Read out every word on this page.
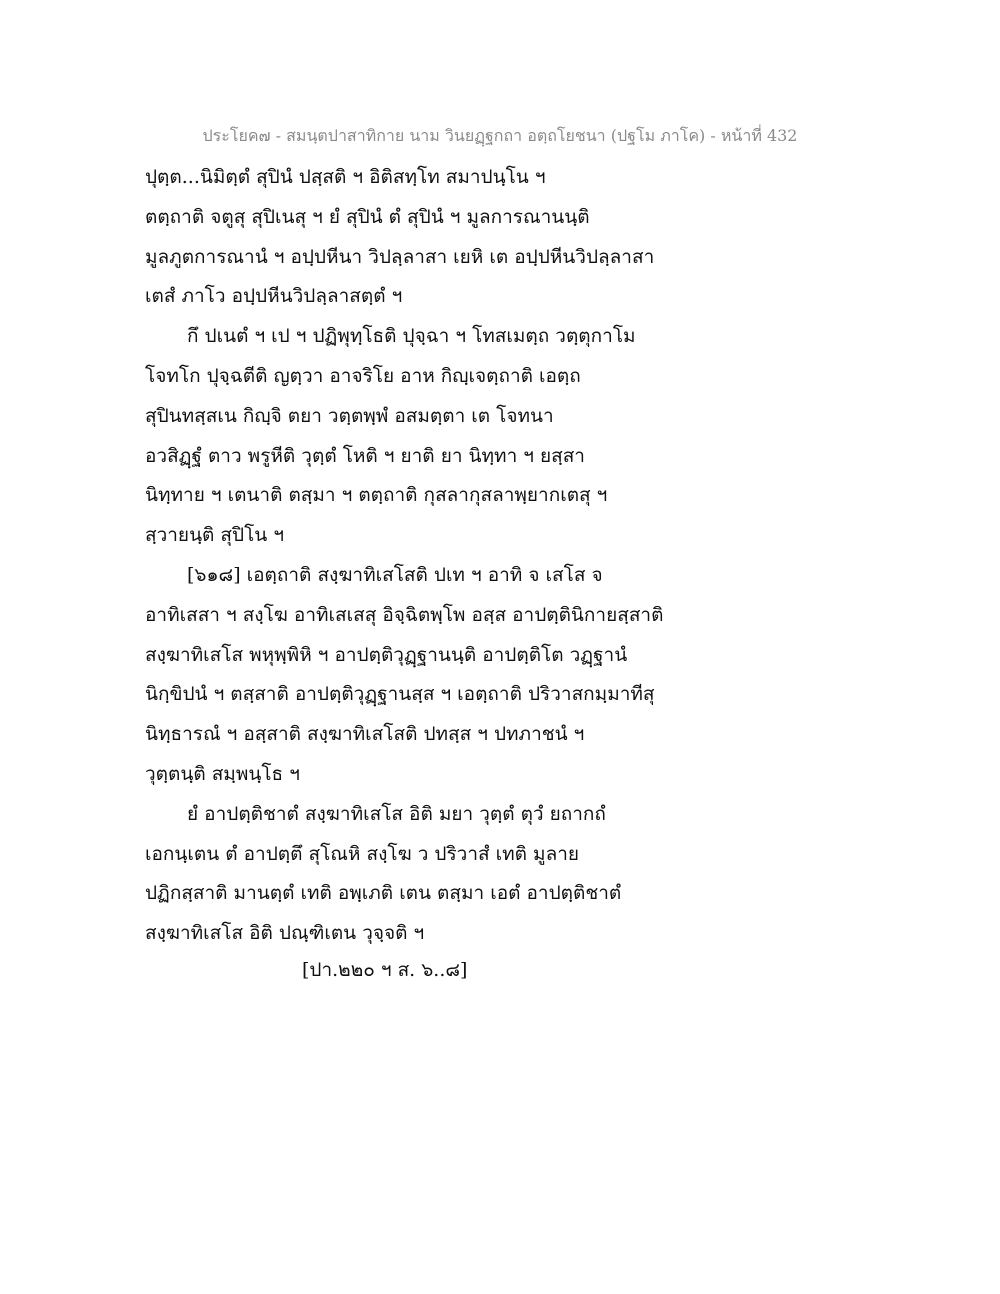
ประโยค๗ - สมนฺตปาสาทิกาย นาม วินยฏฺฐกถา อตฺถโยชนา (ปฐโม ภาโค) - หน้าที่ 432
ปุตฺต...นิมิตฺตํ สุปินํ ปสฺสติ ฯ อิติสทฺโท สมาปนฺโน ฯ
ตตฺถาติ จตูสุ สุปิเนสุ ฯ ยํ สุปินํ ตํ สุปินํ ฯ มูลการณานนฺติ
มูลภูตการณานํ ฯ อปฺปหีนา วิปลฺลาสา เยหิ เต อปฺปหีนวิปลฺลาสา
เตสํ ภาโว อปฺปหีนวิปลฺลาสตฺตํ ฯ
กึ ปเนตํ ฯ เป ฯ ปฏิพุทฺโธติ ปุจฺฉา ฯ โทสเมตฺถ วตฺตุกาโม
โจทโก ปุจฺฉตีติ ญตฺวา อาจริโย อาห กิญฺเจตฺถาติ เอตฺถ
สุปินทสฺสเน กิญฺจิ ตยา วตฺตพฺพํ อสมตฺตา เต โจทนา
อวสิฏฺฐํ ตาว พรูหีติ วุตฺตํ โหติ ฯ ยาติ ยา นิทฺทา ฯ ยสฺสา
นิทฺทาย ฯ เตนาติ ตสฺมา ฯ ตตฺถาติ กุสลากุสลาพฺยากเตสุ ฯ
สฺวายนฺติ สุปิโน ฯ
[๖๑๘] เอตฺถาติ สงฺฆาทิเสโสติ ปเท ฯ อาทิ จ เสโส จ
อาทิเสสา ฯ สงฺโฆ อาทิเสเสสุ อิจฺฉิตพฺโพ อสฺส อาปตฺตินิกายสฺสาติ
สงฺฆาทิเสโส พหุพฺพิหิ ฯ อาปตฺติวุฏฺฐานนฺติ อาปตฺติโต วฏฺฐานํ
นิกฺขิปนํ ฯ ตสฺสาติ อาปตฺติวุฏฺฐานสฺส ฯ เอตฺถาติ ปริวาสกมฺมาทีสุ
นิทฺธารณํ ฯ อสฺสาติ สงฺฆาทิเสโสติ ปทสฺส ฯ ปทภาชนํ ฯ
วุตฺตนฺติ สมฺพนฺโธ ฯ
ยํ อาปตฺติชาตํ สงฺฆาทิเสโส อิติ มยา วุตฺตํ ตุวํ ยถากถํ
เอกนฺเตน ตํ อาปตฺตึ สุโณหิ สงฺโฆ ว ปริวาสํ เทติ มูลาย
ปฏิกสฺสาติ มานตฺตํ เทติ อพฺเภติ เตน ตสฺมา เอตํ อาปตฺติชาตํ
สงฺฆาทิเสโส อิติ ปณฺฑิเตน วุจฺจติ ฯ
[ปา.๒๒๐ ฯ ส. ๖..๘]
